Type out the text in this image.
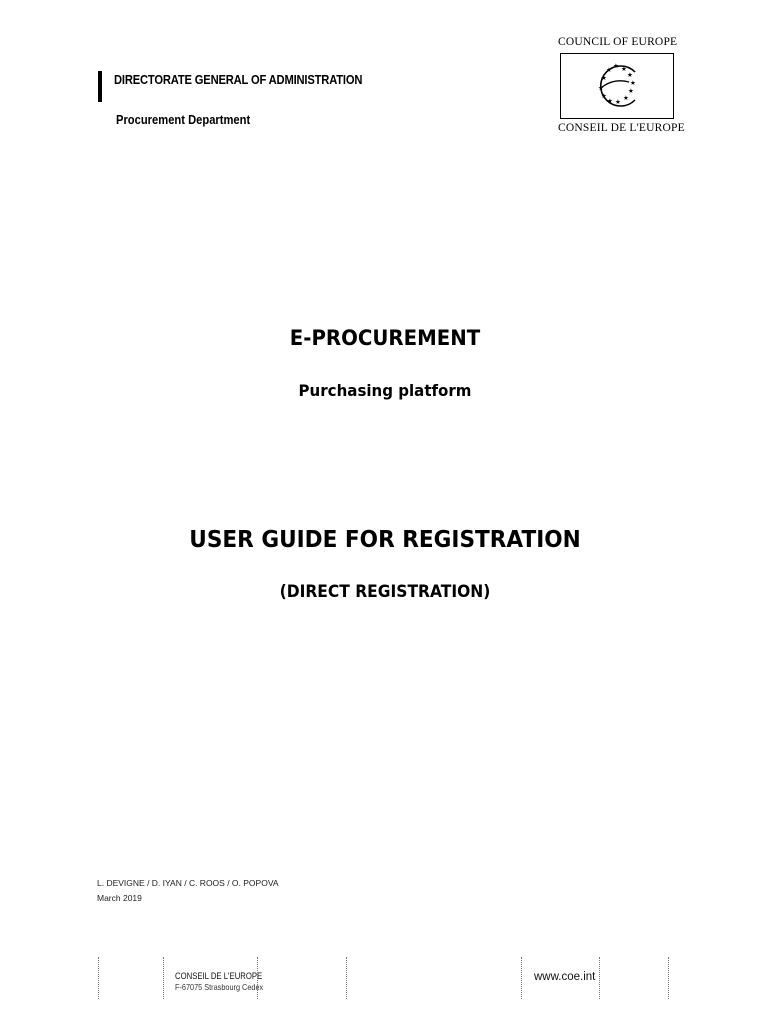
DIRECTORATE GENERAL OF ADMINISTRATION
Procurement Department
COUNCIL OF EUROPE
★ ★
★
★
★
★
★
★
★
★
★
★
CONSEIL DE L'EUROPE
E-PROCUREMENT
Purchasing platform
USER GUIDE FOR REGISTRATION
(DIRECT REGISTRATION)
L. DEVIGNE / D. IYAN / C. ROOS / O. POPOVA
March 2019
CONSEIL DE L'EUROPE
F-67075 Strasbourg Cedex
www.coe.int
